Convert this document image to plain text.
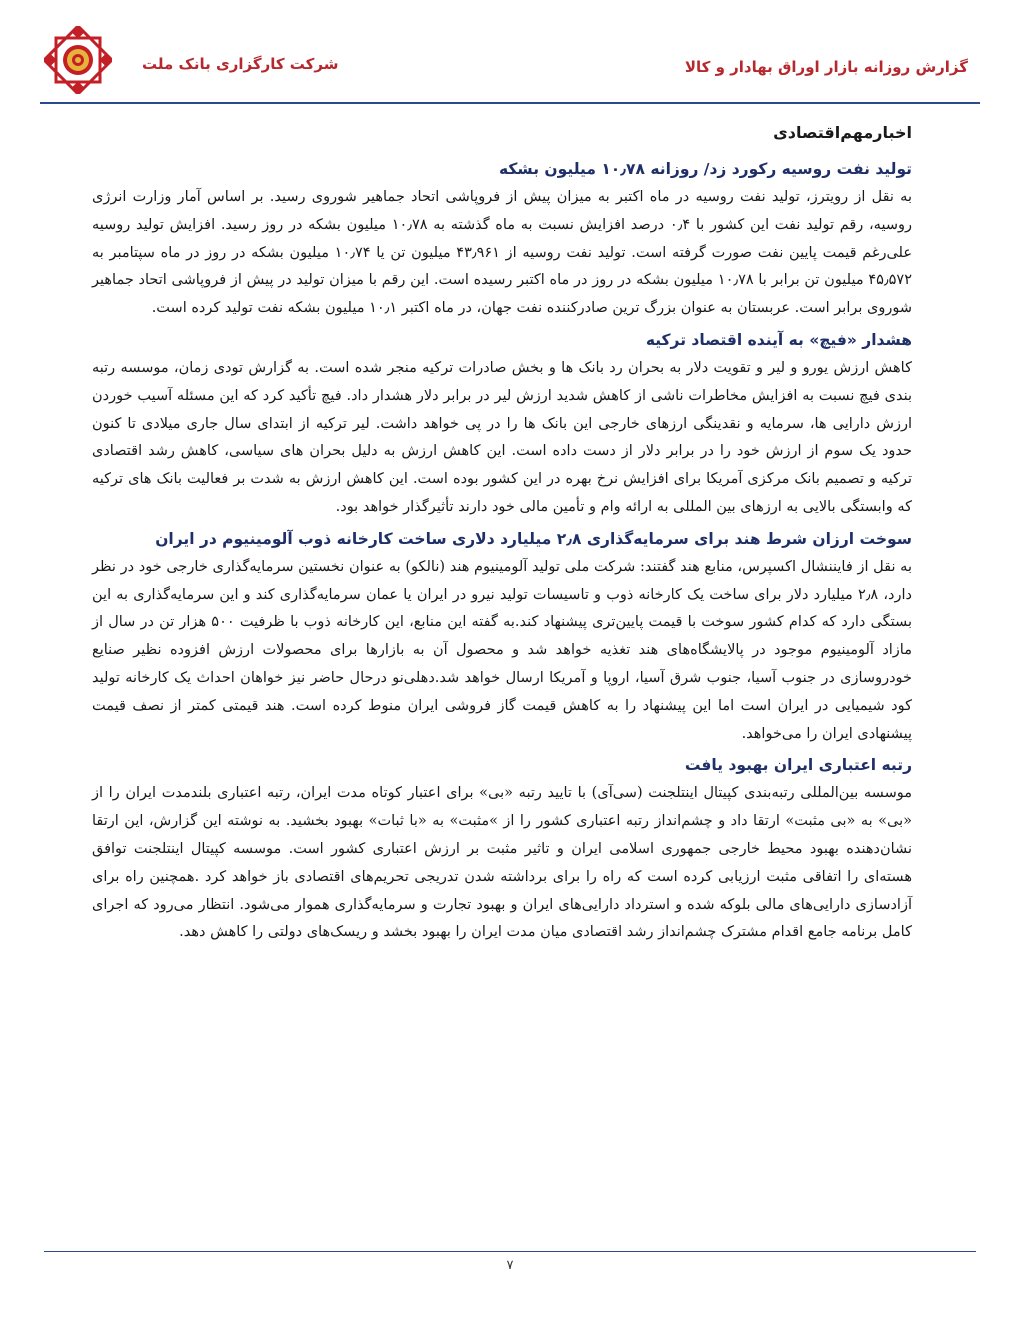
شرکت کارگزاری بانک ملت	گزارش روزانه بازار اوراق بهادار و کالا
اخبارمهم‌اقتصادی
تولید نفت روسیه رکورد زد/ روزانه ۱۰٫۷۸ میلیون بشکه

به نقل از رویترز، تولید نفت روسیه در ماه اکتبر به میزان پیش از فروپاشی اتحاد جماهیر شوروی رسید. بر اساس آمار وزارت انرژی روسیه، رقم تولید نفت این کشور با ۰٫۴ درصد افزایش نسبت به ماه گذشته به ۱۰٫۷۸ میلیون بشکه در روز رسید. افزایش تولید روسیه علی‌رغم قیمت پایین نفت صورت گرفته است. تولید نفت روسیه از ۴۳٫۹۶۱ میلیون تن یا ۱۰٫۷۴ میلیون بشکه در روز در ماه سپتامبر به ۴۵٫۵۷۲ میلیون تن برابر با ۱۰٫۷۸ میلیون بشکه در روز در ماه اکتبر رسیده است. این رقم با میزان تولید در پیش از فروپاشی اتحاد جماهیر شوروی برابر است. عربستان به عنوان بزرگ ترین صادرکننده نفت جهان، در ماه اکتبر ۱۰٫۱ میلیون بشکه نفت تولید کرده است.

هشدار «فیچ» به آینده اقتصاد ترکیه

کاهش ارزش یورو و لیر و تقویت دلار به بحران رد بانک ها و بخش صادرات ترکیه منجر شده است. به گزارش تودی زمان، موسسه رتبه بندی فیچ نسبت به افزایش مخاطرات ناشی از کاهش شدید ارزش لیر در برابر دلار هشدار داد. فیچ تأکید کرد که این مسئله آسیب خوردن ارزش دارایی ها، سرمایه و نقدینگی ارزهای خارجی این بانک ها را در پی خواهد داشت. لیر ترکیه از ابتدای سال جاری میلادی تا کنون حدود یک سوم از ارزش خود را در برابر دلار از دست داده است. این کاهش ارزش به دلیل بحران های سیاسی، کاهش رشد اقتصادی ترکیه و تصمیم بانک مرکزی آمریکا برای افزایش نرخ بهره در این کشور بوده است. این کاهش ارزش به شدت بر فعالیت بانک های ترکیه که وابستگی بالایی به ارزهای بین المللی به ارائه وام و تأمین مالی خود دارند تأثیرگذار خواهد بود.

سوخت ارزان شرط هند برای سرمایه‌گذاری ۲٫۸ میلیارد دلاری ساخت کارخانه ذوب آلومینیوم در ایران

به نقل از فایننشال اکسپرس، منابع هند گفتند: شرکت ملی تولید آلومینیوم هند (نالکو) به عنوان نخستین سرمایه‌گذاری خارجی خود در نظر دارد، ۲٫۸ میلیارد دلار برای ساخت یک کارخانه ذوب و تاسیسات تولید نیرو در ایران یا عمان سرمایه‌گذاری کند و این سرمایه‌گذاری به این بستگی دارد که کدام کشور سوخت با قیمت پایین‌تری پیشنهاد کند.به گفته این منابع، این کارخانه ذوب با ظرفیت ۵۰۰ هزار تن در سال از مازاد آلومینیوم موجود در پالایشگاه‌های هند تغذیه خواهد شد و محصول آن به بازارها برای محصولات ارزش افزوده نظیر صنایع خودروسازی در جنوب آسیا، جنوب شرق آسیا، اروپا و آمریکا ارسال خواهد شد.دهلی‌نو درحال حاضر نیز خواهان احداث یک کارخانه تولید کود شیمیایی در ایران است اما این پیشنهاد را به کاهش قیمت گاز فروشی ایران منوط کرده است. هند قیمتی کمتر از نصف قیمت پیشنهادی ایران را می‌خواهد.

رتبه اعتباری ایران بهبود یافت

موسسه بین‌المللی رتبه‌بندی کپیتال اینتلجنت (سی‌آی) با تایید رتبه «بی» برای اعتبار کوتاه مدت ایران، رتبه اعتباری بلندمدت ایران را از «بی» به «بی مثبت» ارتقا داد و چشم‌انداز رتبه اعتباری کشور را از »مثبت» به «با ثبات» بهبود بخشید. به نوشته این گزارش، این ارتقا نشان‌دهنده بهبود محیط خارجی جمهوری اسلامی ایران و تاثیر مثبت بر ارزش اعتباری کشور است. موسسه کپیتال اینتلجنت توافق هسته‌ای را اتفاقی مثبت ارزیابی کرده است که راه را برای برداشته شدن تدریجی تحریم‌های اقتصادی باز خواهد کرد .همچنین راه برای آزادسازی دارایی‌های مالی بلوکه شده و استرداد دارایی‌های ایران و بهبود تجارت و سرمایه‌گذاری هموار می‌شود. انتظار می‌رود که اجرای کامل برنامه جامع اقدام مشترک چشم‌انداز رشد اقتصادی میان مدت ایران را بهبود بخشد و ریسک‌های دولتی را کاهش دهد.

۷
